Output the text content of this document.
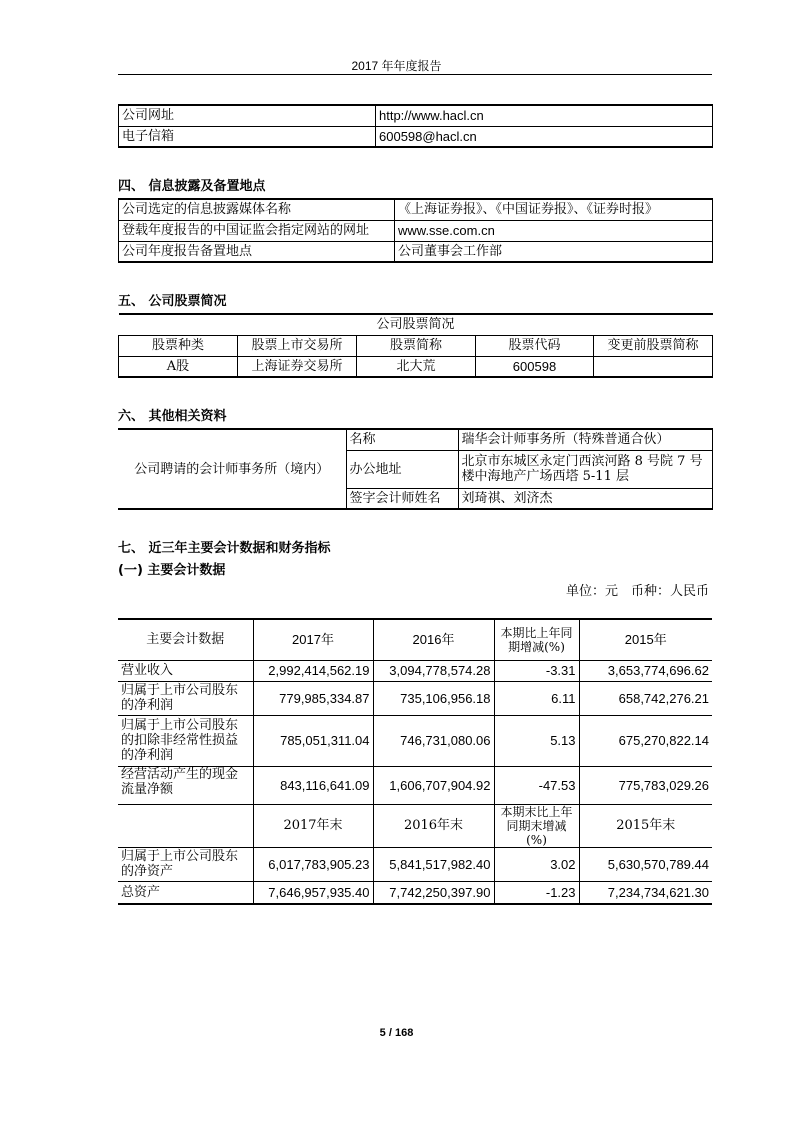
2017 年年度报告
公司网址	http://www.hacl.cn
电子信箱	600598@hacl.cn
四、 信息披露及备置地点
公司选定的信息披露媒体名称	《上海证券报》、《中国证券报》、《证券时报》
登载年度报告的中国证监会指定网站的网址	www.sse.com.cn
公司年度报告备置地点	公司董事会工作部
五、 公司股票简况
公司股票简况				
股票种类	股票上市交易所	股票简称	股票代码	变更前股票简称
A股	上海证券交易所	北大荒	600598	
六、 其他相关资料
公司聘请的会计师事务所（境内）	名称	瑞华会计师事务所（特殊普通合伙）
	办公地址	北京市东城区永定门西滨河路 8 号院 7 号楼中海地产广场西塔 5-11 层
	签字会计师姓名	刘琦祺、刘济杰
七、 近三年主要会计数据和财务指标
(一) 主要会计数据
单位：元　币种：人民币
主要会计数据	2017年	2016年	本期比上年同期增减(%)	2015年
营业收入	2,992,414,562.19	3,094,778,574.28	-3.31	3,653,774,696.62
归属于上市公司股东的净利润	779,985,334.87	735,106,956.18	6.11	658,742,276.21
归属于上市公司股东的扣除非经常性损益的净利润	785,051,311.04	746,731,080.06	5.13	675,270,822.14
经营活动产生的现金流量净额	843,116,641.09	1,606,707,904.92	-47.53	775,783,029.26
	2017年末	2016年末	本期末比上年同期末增减(%)	2015年末
归属于上市公司股东的净资产	6,017,783,905.23	5,841,517,982.40	3.02	5,630,570,789.44
总资产	7,646,957,935.40	7,742,250,397.90	-1.23	7,234,734,621.30
5 / 168
